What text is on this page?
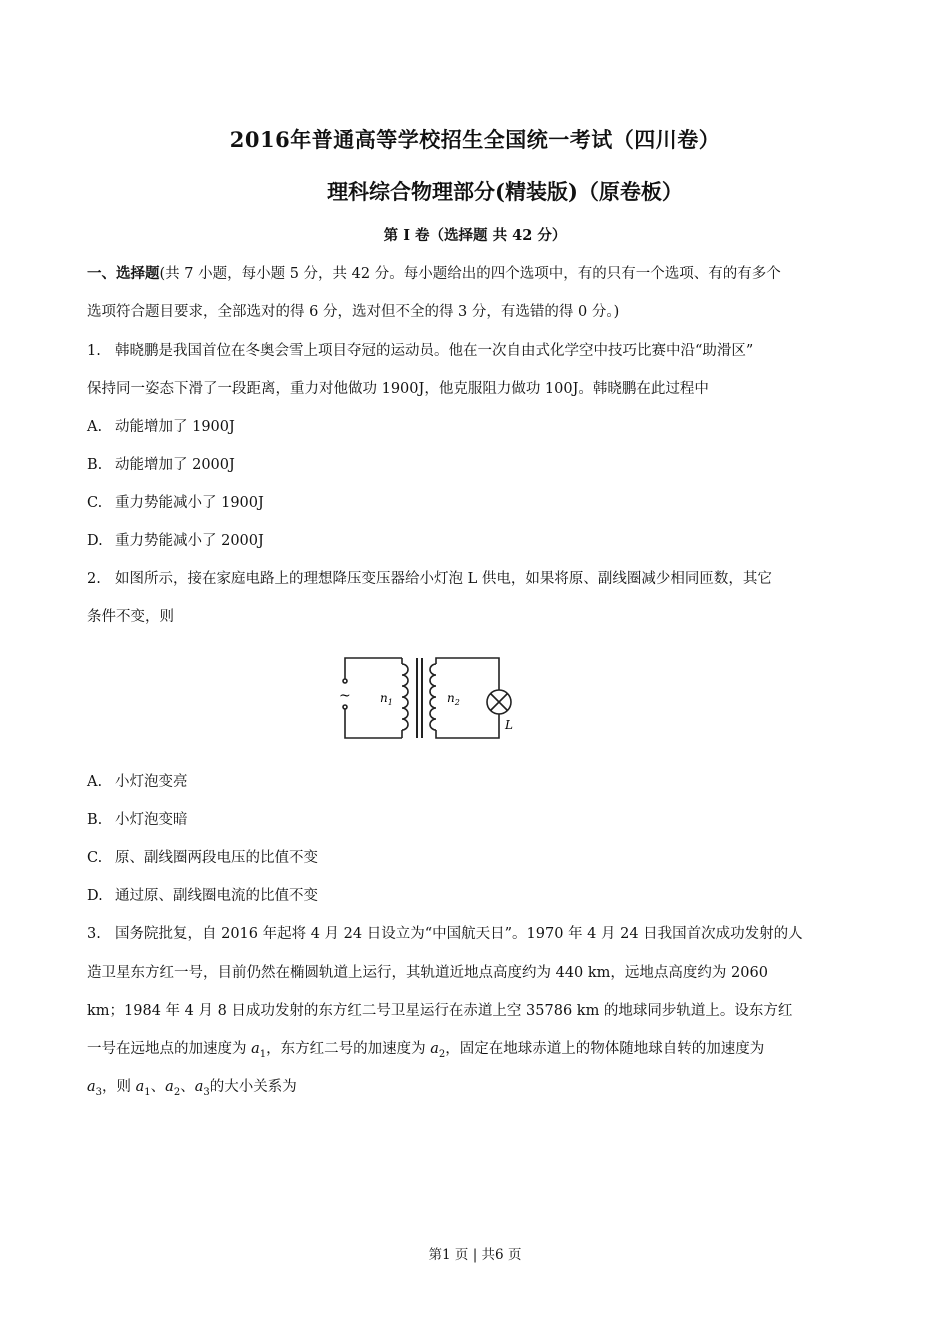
2016年普通高等学校招生全国统一考试（四川卷）
理科综合物理部分(精装版)（原卷板）
第 I 卷（选择题 共 42 分）
一、选择题(共 7 小题，每小题 5 分，共 42 分。每小题给出的四个选项中，有的只有一个选项、有的有多个
选项符合题目要求，全部选对的得 6 分，选对但不全的得 3 分，有选错的得 0 分。)
1. 韩晓鹏是我国首位在冬奥会雪上项目夺冠的运动员。他在一次自由式化学空中技巧比赛中沿“助滑区”
保持同一姿态下滑了一段距离，重力对他做功 1900J，他克服阻力做功 100J。韩晓鹏在此过程中
A. 动能增加了 1900J
B. 动能增加了 2000J
C. 重力势能减小了 1900J
D. 重力势能减小了 2000J
2. 如图所示，接在家庭电路上的理想降压变压器给小灯泡 L 供电，如果将原、副线圈减少相同匝数，其它
条件不变，则
~ $n_1$	$n_2$
L
A. 小灯泡变亮
B. 小灯泡变暗
C. 原、副线圈两段电压的比值不变
D. 通过原、副线圈电流的比值不变
3. 国务院批复，自 2016 年起将 4 月 24 日设立为“中国航天日”。1970 年 4 月 24 日我国首次成功发射的人
造卫星东方红一号，目前仍然在椭圆轨道上运行，其轨道近地点高度约为 440 km，远地点高度约为 2060
km；1984 年 4 月 8 日成功发射的东方红二号卫星运行在赤道上空 35786 km 的地球同步轨道上。设东方红
一号在远地点的加速度为 $a_1$，东方红二号的加速度为 $a_2$，固定在地球赤道上的物体随地球自转的加速度为
$a_3$，则 $a_1$、$a_2$、$a_3$的大小关系为
第1 页 | 共6 页
